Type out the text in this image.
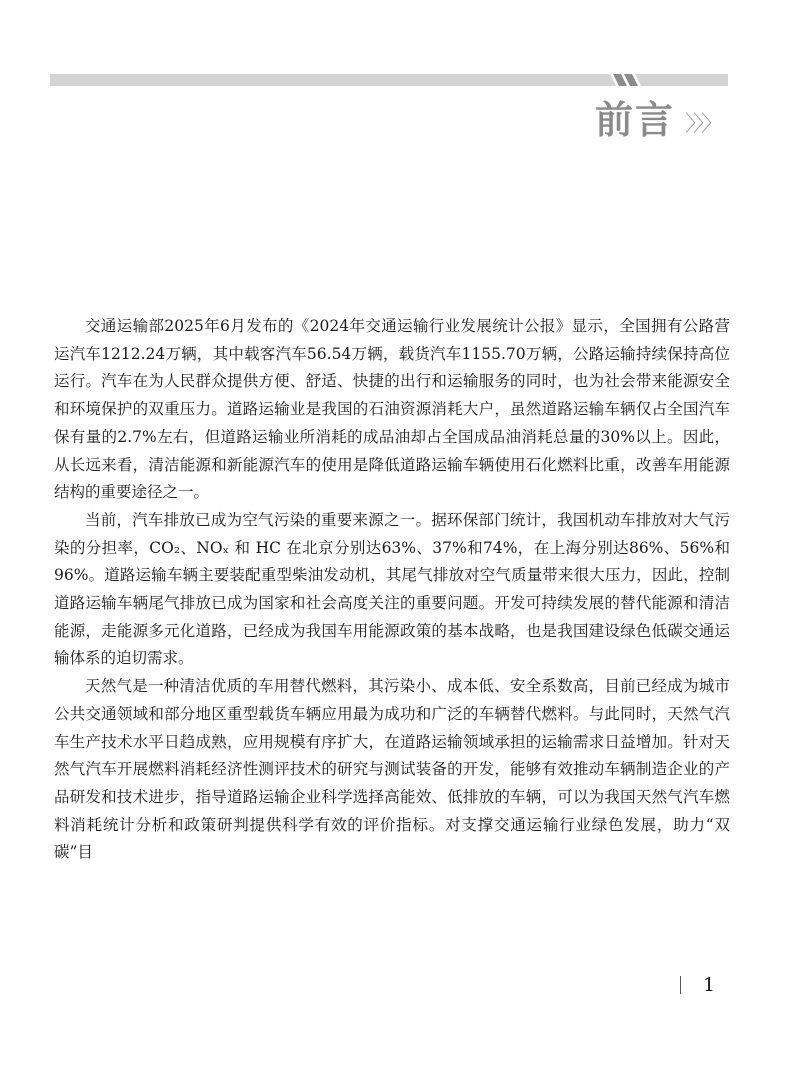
前言 〉〉〉

交通运输部2025年6月发布的《2024年交通运输行业发展统计公报》显示，全国拥有公路营运汽车1212.24万辆，其中载客汽车56.54万辆，载货汽车1155.70万辆，公路运输持续保持高位运行。汽车在为人民群众提供方便、舒适、快捷的出行和运输服务的同时，也为社会带来能源安全和环境保护的双重压力。道路运输业是我国的石油资源消耗大户，虽然道路运输车辆仅占全国汽车保有量的2.7%左右，但道路运输业所消耗的成品油却占全国成品油消耗总量的30%以上。因此，从长远来看，清洁能源和新能源汽车的使用是降低道路运输车辆使用石化燃料比重，改善车用能源结构的重要途径之一。

当前，汽车排放已成为空气污染的重要来源之一。据环保部门统计，我国机动车排放对大气污染的分担率，CO₂、NOₓ 和 HC 在北京分别达63%、37%和74%，在上海分别达86%、56%和96%。道路运输车辆主要装配重型柴油发动机，其尾气排放对空气质量带来很大压力，因此，控制道路运输车辆尾气排放已成为国家和社会高度关注的重要问题。开发可持续发展的替代能源和清洁能源，走能源多元化道路，已经成为我国车用能源政策的基本战略，也是我国建设绿色低碳交通运输体系的迫切需求。

天然气是一种清洁优质的车用替代燃料，其污染小、成本低、安全系数高，目前已经成为城市公共交通领域和部分地区重型载货车辆应用最为成功和广泛的车辆替代燃料。与此同时，天然气汽车生产技术水平日趋成熟，应用规模有序扩大，在道路运输领域承担的运输需求日益增加。针对天然气汽车开展燃料消耗经济性测评技术的研究与测试装备的开发，能够有效推动车辆制造企业的产品研发和技术进步，指导道路运输企业科学选择高能效、低排放的车辆，可以为我国天然气汽车燃料消耗统计分析和政策研判提供科学有效的评价指标。对支撑交通运输行业绿色发展，助力“双碳”目

1
